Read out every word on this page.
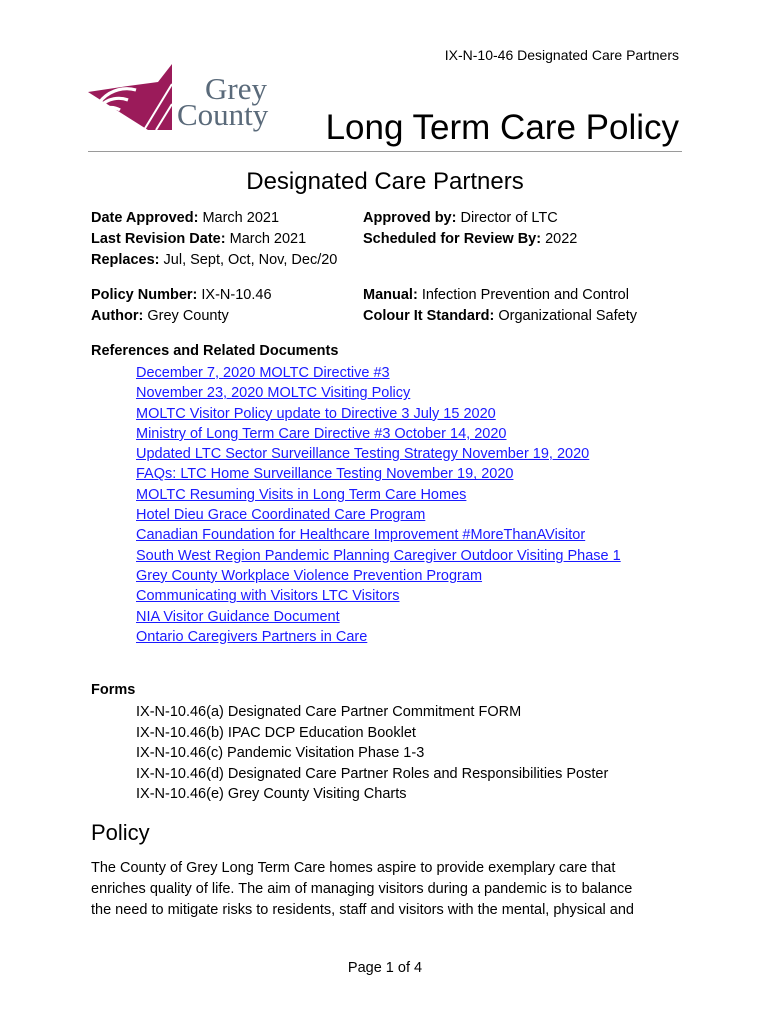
IX-N-10-46 Designated Care Partners
Grey
County Long Term Care Policy
Designated Care Partners
Date Approved: March 2021
Last Revision Date: March 2021
Replaces: Jul, Sept, Oct, Nov, Dec/20
Approved by: Director of LTC
Scheduled for Review By: 2022
Policy Number: IX-N-10.46
Author: Grey County
Manual: Infection Prevention and Control
Colour It Standard: Organizational Safety
References and Related Documents
December 7, 2020 MOLTC Directive #3
November 23, 2020 MOLTC Visiting Policy
MOLTC Visitor Policy update to Directive 3 July 15 2020
Ministry of Long Term Care Directive #3 October 14, 2020
Updated LTC Sector Surveillance Testing Strategy November 19, 2020
FAQs: LTC Home Surveillance Testing November 19, 2020
MOLTC Resuming Visits in Long Term Care Homes
Hotel Dieu Grace Coordinated Care Program
Canadian Foundation for Healthcare Improvement #MoreThanAVisitor
South West Region Pandemic Planning Caregiver Outdoor Visiting Phase 1
Grey County Workplace Violence Prevention Program
Communicating with Visitors LTC Visitors
NIA Visitor Guidance Document
Ontario Caregivers Partners in Care
Forms
IX-N-10.46(a) Designated Care Partner Commitment FORM
IX-N-10.46(b) IPAC DCP Education Booklet
IX-N-10.46(c) Pandemic Visitation Phase 1-3
IX-N-10.46(d) Designated Care Partner Roles and Responsibilities Poster
IX-N-10.46(e) Grey County Visiting Charts
Policy
The County of Grey Long Term Care homes aspire to provide exemplary care that
enriches quality of life. The aim of managing visitors during a pandemic is to balance
the need to mitigate risks to residents, staff and visitors with the mental, physical and
Page 1 of 4
